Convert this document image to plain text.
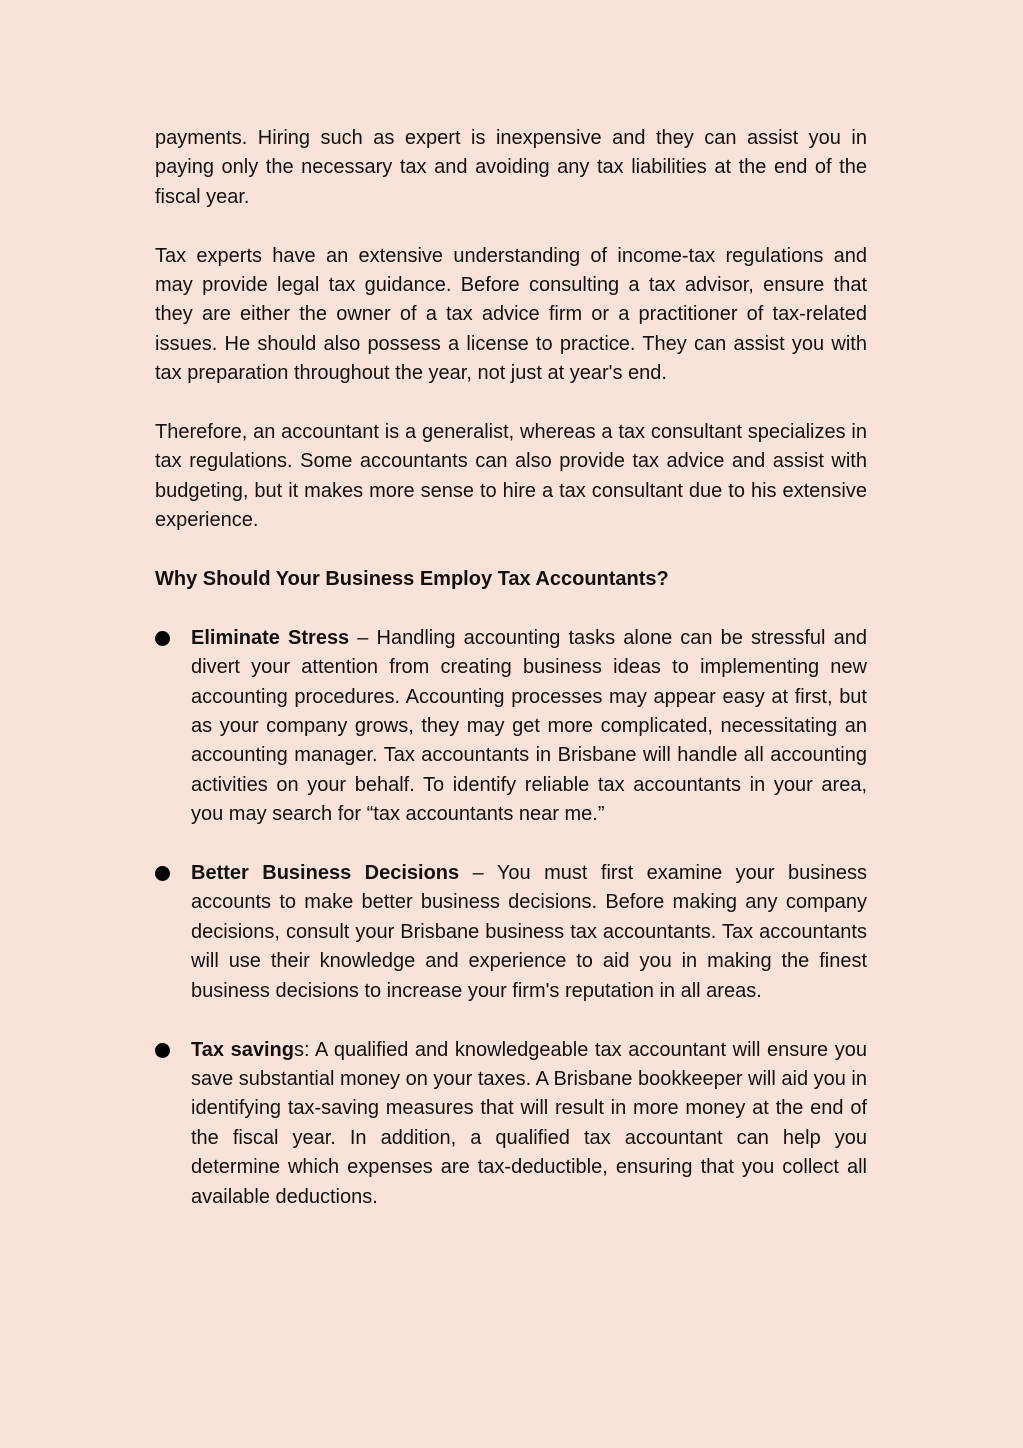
payments. Hiring such as expert is inexpensive and they can assist you in paying only the necessary tax and avoiding any tax liabilities at the end of the fiscal year.

Tax experts have an extensive understanding of income-tax regulations and may provide legal tax guidance. Before consulting a tax advisor, ensure that they are either the owner of a tax advice firm or a practitioner of tax-related issues. He should also possess a license to practice. They can assist you with tax preparation throughout the year, not just at year's end.

Therefore, an accountant is a generalist, whereas a tax consultant specializes in tax regulations. Some accountants can also provide tax advice and assist with budgeting, but it makes more sense to hire a tax consultant due to his extensive experience.

Why Should Your Business Employ Tax Accountants?
Eliminate Stress – Handling accounting tasks alone can be stressful and divert your attention from creating business ideas to implementing new accounting procedures. Accounting processes may appear easy at first, but as your company grows, they may get more complicated, necessitating an accounting manager. Tax accountants in Brisbane will handle all accounting activities on your behalf. To identify reliable tax accountants in your area, you may search for “tax accountants near me.”
Better Business Decisions – You must first examine your business accounts to make better business decisions. Before making any company decisions, consult your Brisbane business tax accountants. Tax accountants will use their knowledge and experience to aid you in making the finest business decisions to increase your firm's reputation in all areas.
Tax savings: A qualified and knowledgeable tax accountant will ensure you save substantial money on your taxes. A Brisbane bookkeeper will aid you in identifying tax-saving measures that will result in more money at the end of the fiscal year. In addition, a qualified tax accountant can help you determine which expenses are tax-deductible, ensuring that you collect all available deductions.
